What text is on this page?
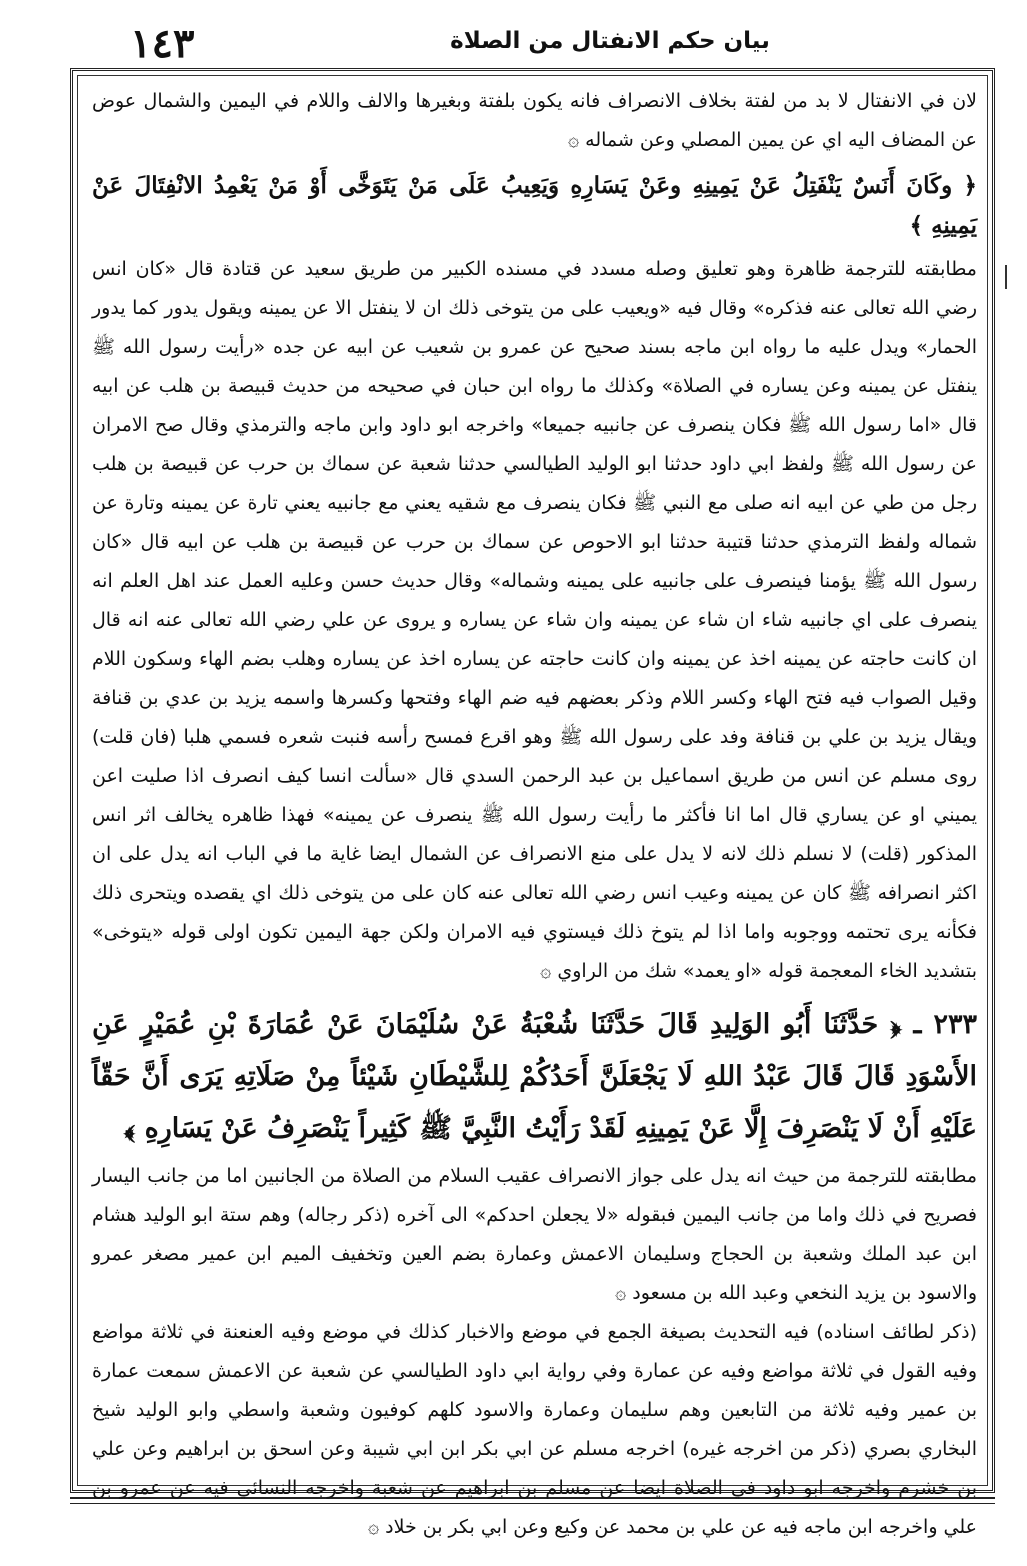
١٤٣	بيان حكم الانفتال من الصلاة

لان في الانفتال لا بد من لفتة بخلاف الانصراف فانه يكون بلفتة وبغيرها والالف واللام في اليمين والشمال عوض عن المضاف اليه اي عن يمين المصلي وعن شماله ۞

﴿ وكَانَ أَنَسٌ يَنْفَتِلُ عَنْ يَمِينِهِ وعَنْ يَسَارِهِ وَيَعِيبُ عَلَى مَنْ يَتَوَخَّى أَوْ مَنْ يَعْمِدُ الانْفِتَالَ عَنْ يَمِينِهِ ﴾

مطابقته للترجمة ظاهرة وهو تعليق وصله مسدد في مسنده الكبير من طريق سعيد عن قتادة قال «كان انس رضي الله تعالى عنه فذكره» وقال فيه «ويعيب على من يتوخى ذلك ان لا ينفتل الا عن يمينه ويقول يدور كما يدور الحمار» ويدل عليه ما رواه ابن ماجه بسند صحيح عن عمرو بن شعيب عن ابيه عن جده «رأيت رسول الله ﷺ ينفتل عن يمينه وعن يساره في الصلاة» وكذلك ما رواه ابن حبان في صحيحه من حديث قبيصة بن هلب عن ابيه قال «اما رسول الله ﷺ فكان ينصرف عن جانبيه جميعا» واخرجه ابو داود وابن ماجه والترمذي وقال صح الامران عن رسول الله ﷺ ولفظ ابي داود حدثنا ابو الوليد الطيالسي حدثنا شعبة عن سماك بن حرب عن قبيصة بن هلب رجل من طي عن ابيه انه صلى مع النبي ﷺ فكان ينصرف مع شقيه يعني مع جانبيه يعني تارة عن يمينه وتارة عن شماله ولفظ الترمذي حدثنا قتيبة حدثنا ابو الاحوص عن سماك بن حرب عن قبيصة بن هلب عن ابيه قال «كان رسول الله ﷺ يؤمنا فينصرف على جانبيه على يمينه وشماله» وقال حديث حسن وعليه العمل عند اهل العلم انه ينصرف على اي جانبيه شاء ان شاء عن يمينه وان شاء عن يساره و يروى عن علي رضي الله تعالى عنه انه قال ان كانت حاجته عن يمينه اخذ عن يمينه وان كانت حاجته عن يساره اخذ عن يساره وهلب بضم الهاء وسكون اللام وقيل الصواب فيه فتح الهاء وكسر اللام وذكر بعضهم فيه ضم الهاء وفتحها وكسرها واسمه يزيد بن عدي بن قنافة ويقال يزيد بن علي بن قنافة وفد على رسول الله ﷺ وهو اقرع فمسح رأسه فنبت شعره فسمي هلبا (فان قلت) روى مسلم عن انس من طريق اسماعيل بن عبد الرحمن السدي قال «سألت انسا كيف انصرف اذا صليت اعن يميني او عن يساري قال اما انا فأكثر ما رأيت رسول الله ﷺ ينصرف عن يمينه» فهذا ظاهره يخالف اثر انس المذكور (قلت) لا نسلم ذلك لانه لا يدل على منع الانصراف عن الشمال ايضا غاية ما في الباب انه يدل على ان اكثر انصرافه ﷺ كان عن يمينه وعيب انس رضي الله تعالى عنه كان على من يتوخى ذلك اي يقصده ويتحرى ذلك فكأنه يرى تحتمه ووجوبه واما اذا لم يتوخ ذلك فيستوي فيه الامران ولكن جهة اليمين تكون اولى قوله «يتوخى» بتشديد الخاء المعجمة قوله «او يعمد» شك من الراوي ۞

٢٣٣ ـ ﴿ حَدَّثَنَا أَبُو الوَلِيدِ قَالَ حَدَّثَنَا شُعْبَةُ عَنْ سُلَيْمَانَ عَنْ عُمَارَةَ بْنِ عُمَيْرٍ عَنِ الأَسْوَدِ قَالَ قَالَ عَبْدُ اللهِ لَا يَجْعَلَنَّ أَحَدُكُمْ لِلشَّيْطَانِ شَيْئاً مِنْ صَلَاتِهِ يَرَى أَنَّ حَقّاً عَلَيْهِ أَنْ لَا يَنْصَرِفَ إِلَّا عَنْ يَمِينِهِ لَقَدْ رَأَيْتُ النَّبِيَّ ﷺ كَثِيراً يَنْصَرِفُ عَنْ يَسَارِهِ ﴾

مطابقته للترجمة من حيث انه يدل على جواز الانصراف عقيب السلام من الصلاة من الجانبين اما من جانب اليسار فصريح في ذلك واما من جانب اليمين فبقوله «لا يجعلن احدكم» الى آخره (ذكر رجاله) وهم ستة ابو الوليد هشام ابن عبد الملك وشعبة بن الحجاج وسليمان الاعمش وعمارة بضم العين وتخفيف الميم ابن عمير مصغر عمرو والاسود بن يزيد النخعي وعبد الله بن مسعود ۞

(ذكر لطائف اسناده) فيه التحديث بصيغة الجمع في موضع والاخبار كذلك في موضع وفيه العنعنة في ثلاثة مواضع وفيه القول في ثلاثة مواضع وفيه عن عمارة وفي رواية ابي داود الطيالسي عن شعبة عن الاعمش سمعت عمارة بن عمير وفيه ثلاثة من التابعين وهم سليمان وعمارة والاسود كلهم كوفيون وشعبة واسطي وابو الوليد شيخ البخاري بصري (ذكر من اخرجه غيره) اخرجه مسلم عن ابي بكر ابن ابي شيبة وعن اسحق بن ابراهيم وعن علي بن خشرم واخرجه ابو داود في الصلاة ايضا عن مسلم بن ابراهيم عن شعبة واخرجه النسائي فيه عن عمرو بن علي واخرجه ابن ماجه فيه عن علي بن محمد عن وكيع وعن ابي بكر بن خلاد ۞
